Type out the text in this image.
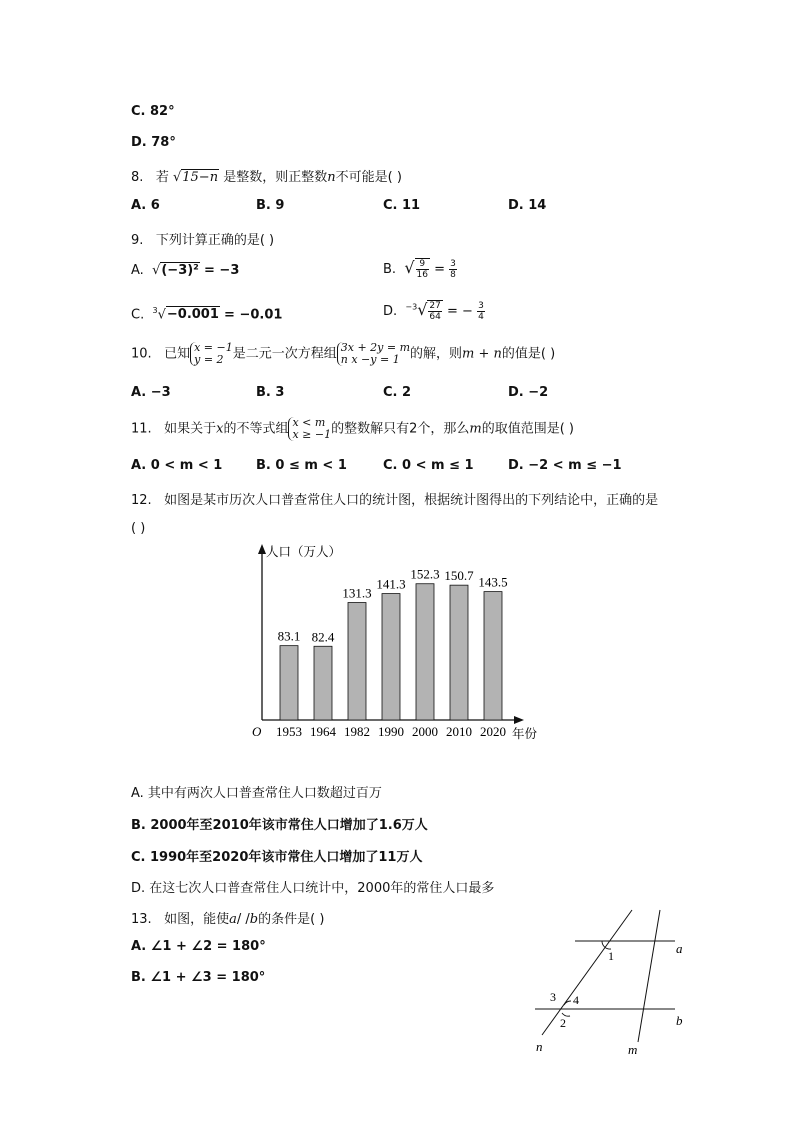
C. 82°
D. 78°
8. 若 √15−n 是整数，则正整数n不可能是( )
A. 6	B. 9	C. 11	D. 14
9. 下列计算正确的是( )
A. √(−3)² = −3	B. √ $\frac{9}{16} = \frac{3}{8}$
C. $^3$√−0.001 = −0.01	D. $^{-3}√ \frac{27}{64}$ = − $\frac{3}{4}$
10. 已知 x = −1
y = 2 是二元一次方程组 3x + 2y = m
n x −y = 1 的解，则m + n的值是( )
A. −3	B. 3	C. 2	D. −2
11. 如果关于x的不等式组 x < m
x ≥ −1 的整数解只有2个，那么m的取值范围是( )
A. 0 < m < 1	B. 0 ≤ m < 1	C. 0 < m ≤ 1	D. −2 < m ≤ −1
12. 如图是某市历次人口普查常住人口的统计图，根据统计图得出的下列结论中，正确的是
( )
人口（万人）
年份
O
83.1
1953
82.4
1964
131.3
1982
141.3
1990
152.3
2000
150.7
2010
143.5
2020
A. 其中有两次人口普查常住人口数超过百万
B. 2000年至2010年该市常住人口增加了1.6万人
C. 1990年至2020年该市常住人口增加了11万人
D. 在这七次人口普查常住人口统计中，2000年的常住人口最多
13. 如图，能使a/ /b的条件是( )
A. ∠1 + ∠2 = 180°
B. ∠1 + ∠3 = 180°
1
3 4
2
a
b
n	m
